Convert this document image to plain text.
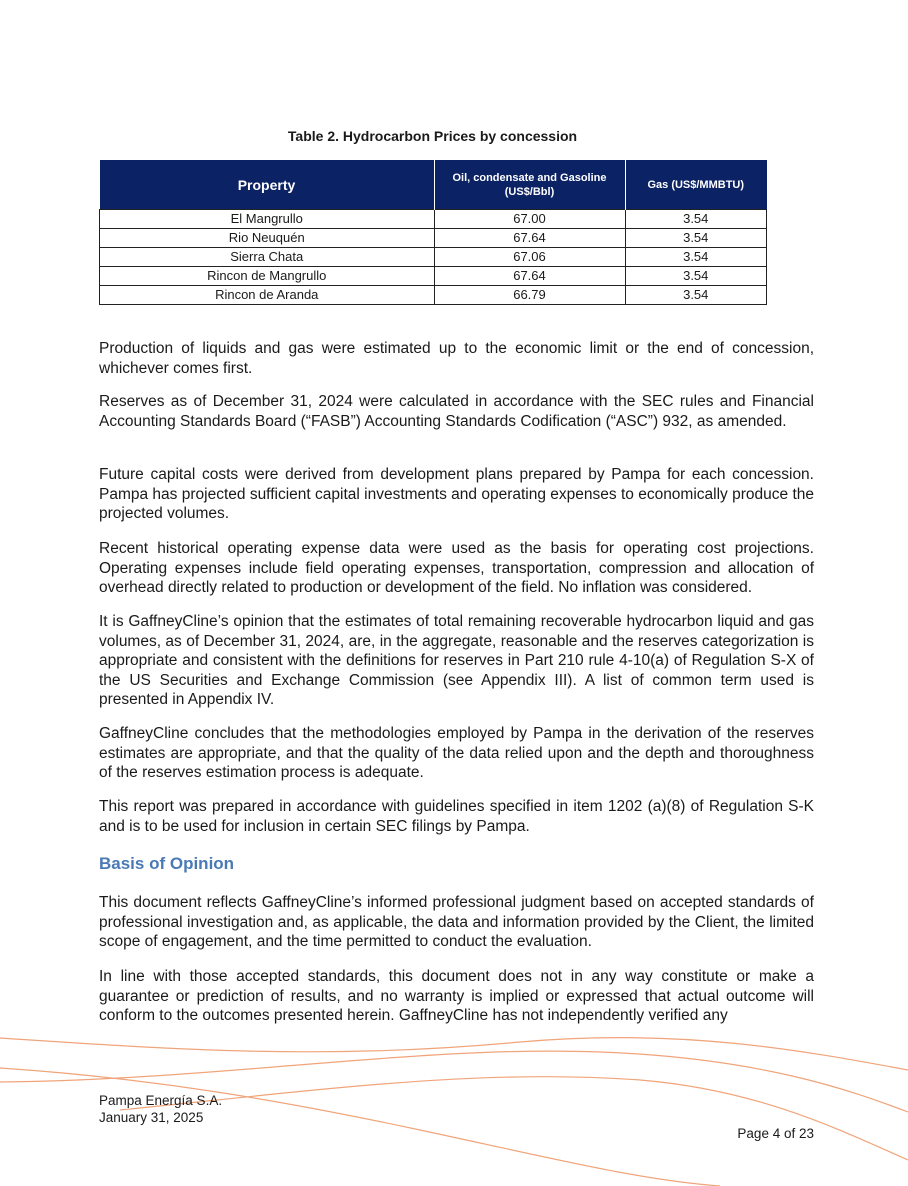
Table 2. Hydrocarbon Prices by concession
Property	Oil, condensate and Gasoline (US$/Bbl)	Gas (US$/MMBTU)
El Mangrullo	67.00	3.54
Rio Neuquén	67.64	3.54
Sierra Chata	67.06	3.54
Rincon de Mangrullo	67.64	3.54
Rincon de Aranda	66.79	3.54

Production of liquids and gas were estimated up to the economic limit or the end of concession, whichever comes first.

Reserves as of December 31, 2024 were calculated in accordance with the SEC rules and Financial Accounting Standards Board (“FASB”) Accounting Standards Codification (“ASC”) 932, as amended.

Future capital costs were derived from development plans prepared by Pampa for each concession. Pampa has projected sufficient capital investments and operating expenses to economically produce the projected volumes.

Recent historical operating expense data were used as the basis for operating cost projections. Operating expenses include field operating expenses, transportation, compression and allocation of overhead directly related to production or development of the field. No inflation was considered.

It is GaffneyCline’s opinion that the estimates of total remaining recoverable hydrocarbon liquid and gas volumes, as of December 31, 2024, are, in the aggregate, reasonable and the reserves categorization is appropriate and consistent with the definitions for reserves in Part 210 rule 4-10(a) of Regulation S-X of the US Securities and Exchange Commission (see Appendix III). A list of common term used is presented in Appendix IV.

GaffneyCline concludes that the methodologies employed by Pampa in the derivation of the reserves estimates are appropriate, and that the quality of the data relied upon and the depth and thoroughness of the reserves estimation process is adequate.

This report was prepared in accordance with guidelines specified in item 1202 (a)(8) of Regulation S-K and is to be used for inclusion in certain SEC filings by Pampa.

Basis of Opinion

This document reflects GaffneyCline’s informed professional judgment based on accepted standards of professional investigation and, as applicable, the data and information provided by the Client, the limited scope of engagement, and the time permitted to conduct the evaluation.

In line with those accepted standards, this document does not in any way constitute or make a guarantee or prediction of results, and no warranty is implied or expressed that actual outcome will conform to the outcomes presented herein. GaffneyCline has not independently verified any

Pampa Energía S.A.
January 31, 2025
Page 4 of 23
